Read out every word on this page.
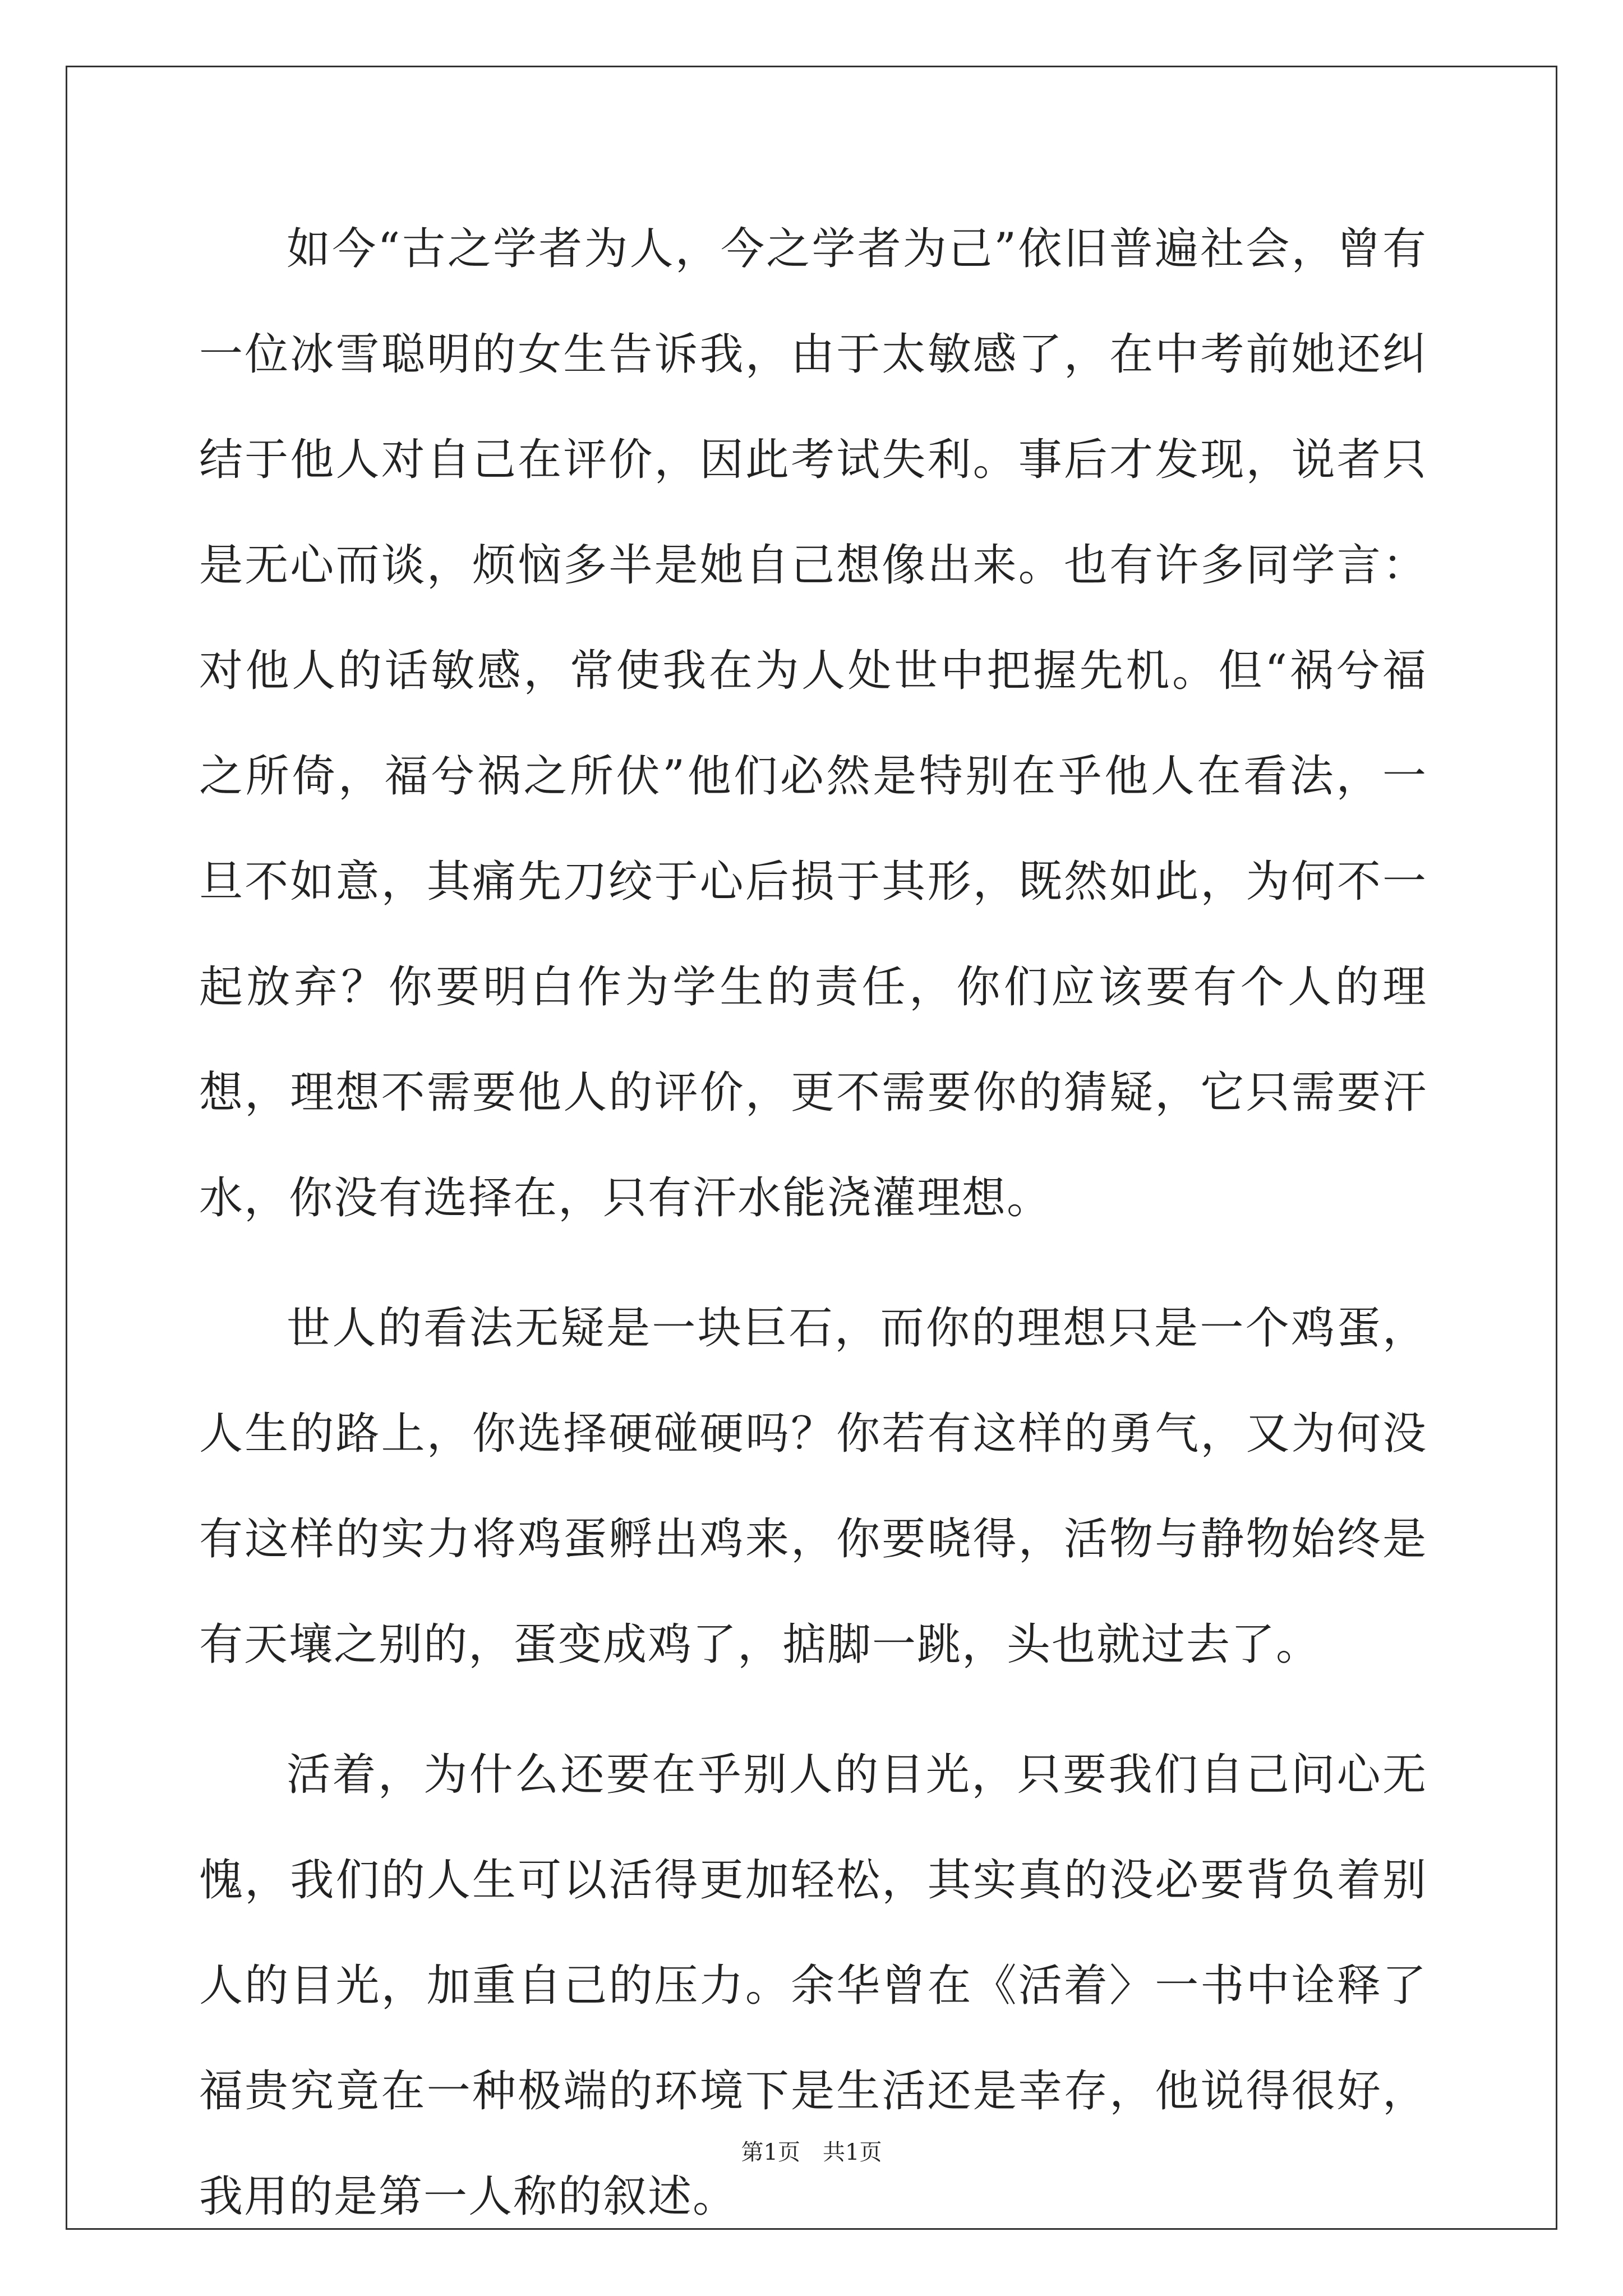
如今“古之学者为人，今之学者为己”依旧普遍社会，曾有一位冰雪聪明的女生告诉我，由于太敏感了，在中考前她还纠结于他人对自己在评价，因此考试失利。事后才发现，说者只是无心而谈，烦恼多半是她自己想像出来。也有许多同学言：对他人的话敏感，常使我在为人处世中把握先机。但“祸兮福之所倚，福兮祸之所伏”他们必然是特别在乎他人在看法，一旦不如意，其痛先刀绞于心后损于其形，既然如此，为何不一起放弃？你要明白作为学生的责任，你们应该要有个人的理想，理想不需要他人的评价，更不需要你的猜疑，它只需要汗水，你没有选择在，只有汗水能浇灌理想。

世人的看法无疑是一块巨石，而你的理想只是一个鸡蛋，人生的路上，你选择硬碰硬吗？你若有这样的勇气，又为何没有这样的实力将鸡蛋孵出鸡来，你要晓得，活物与静物始终是有天壤之别的，蛋变成鸡了，掂脚一跳，头也就过去了。

活着，为什么还要在乎别人的目光，只要我们自己问心无愧，我们的人生可以活得更加轻松，其实真的没必要背负着别人的目光，加重自己的压力。余华曾在《活着〉一书中诠释了福贵究竟在一种极端的环境下是生活还是幸存，他说得很好，我用的是第一人称的叙述。

第1页　共1页
